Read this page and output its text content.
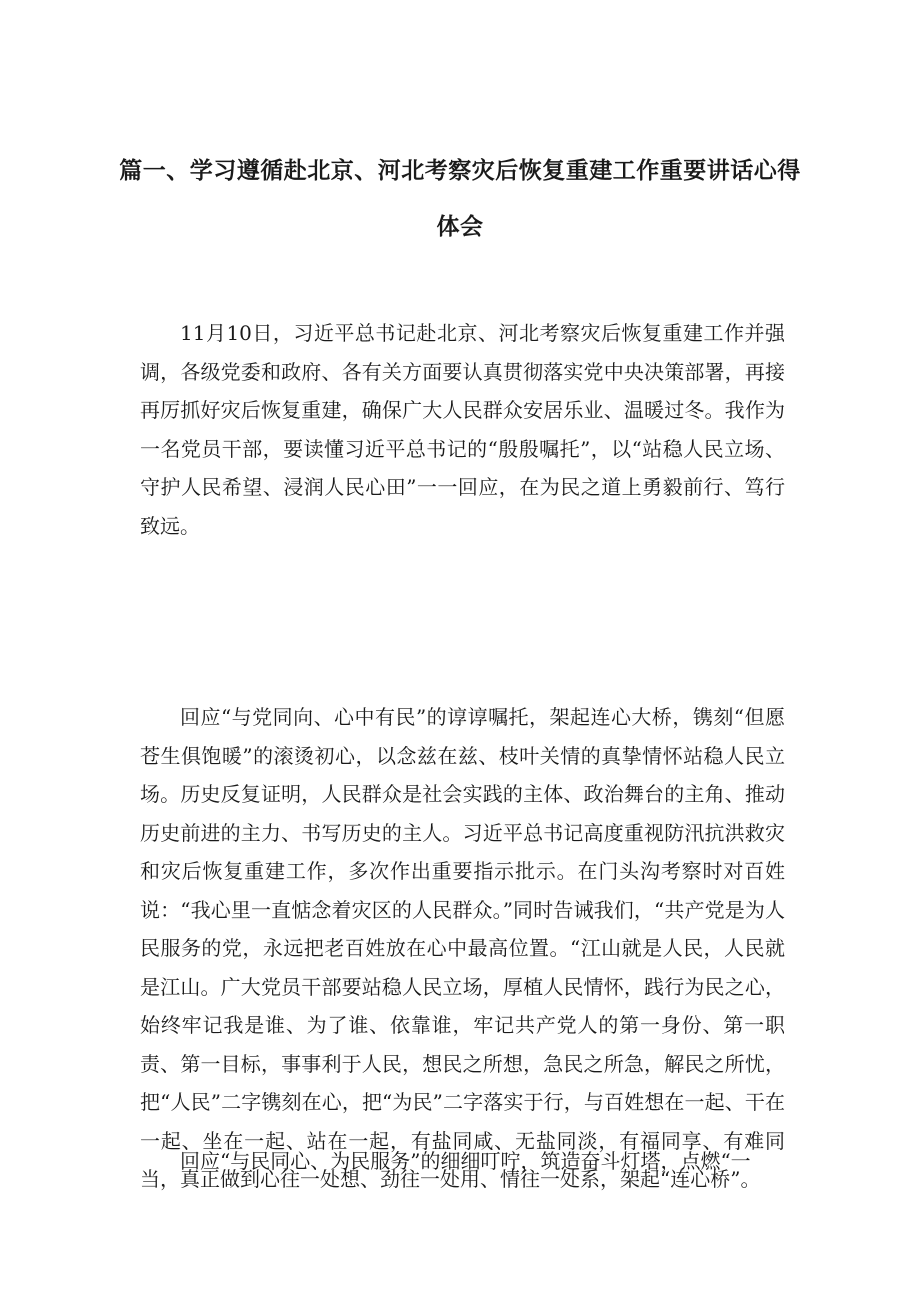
篇一、学习遵循赴北京、河北考察灾后恢复重建工作重要讲话心得
体会

11月10日，习近平总书记赴北京、河北考察灾后恢复重建工作并强调，各级党委和政府、各有关方面要认真贯彻落实党中央决策部署，再接再厉抓好灾后恢复重建，确保广大人民群众安居乐业、温暖过冬。我作为一名党员干部，要读懂习近平总书记的“殷殷嘱托”，以“站稳人民立场、守护人民希望、浸润人民心田”一一回应，在为民之道上勇毅前行、笃行致远。

回应“与党同向、心中有民”的谆谆嘱托，架起连心大桥，镌刻“但愿苍生俱饱暖”的滚烫初心，以念兹在兹、枝叶关情的真挚情怀站稳人民立场。历史反复证明，人民群众是社会实践的主体、政治舞台的主角、推动历史前进的主力、书写历史的主人。习近平总书记高度重视防汛抗洪救灾和灾后恢复重建工作，多次作出重要指示批示。在门头沟考察时对百姓说：“我心里一直惦念着灾区的人民群众。”同时告诫我们，“共产党是为人民服务的党，永远把老百姓放在心中最高位置。“江山就是人民，人民就是江山。广大党员干部要站稳人民立场，厚植人民情怀，践行为民之心，始终牢记我是谁、为了谁、依靠谁，牢记共产党人的第一身份、第一职责、第一目标，事事利于人民，想民之所想，急民之所急，解民之所忧，把“人民”二字镌刻在心，把“为民”二字落实于行，与百姓想在一起、干在一起、坐在一起、站在一起，有盐同咸、无盐同淡，有福同享、有难同当，真正做到心往一处想、劲往一处用、情往一处系，架起“连心桥”。

回应“与民同心、为民服务”的细细叮咛，筑造奋斗灯塔，点燃“一
